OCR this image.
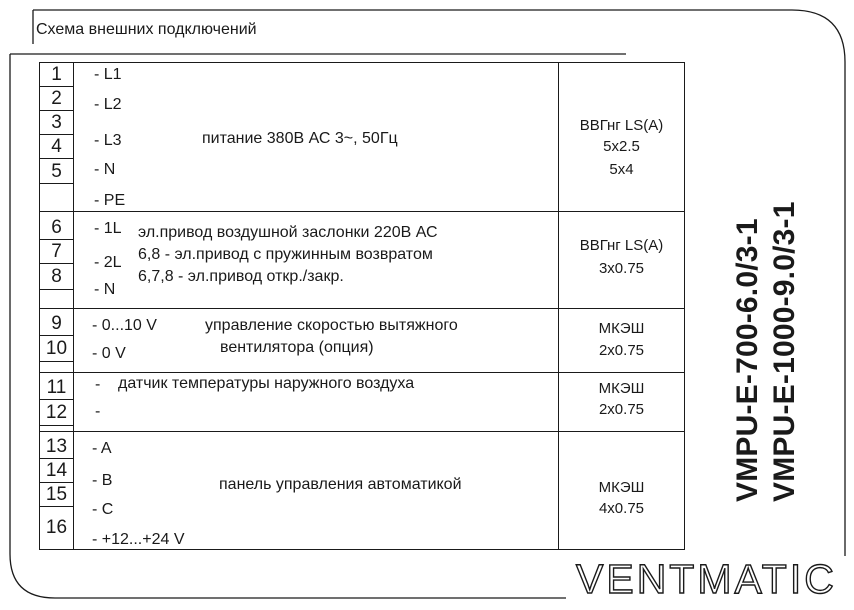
Схема внешних подключений
1
2
3
4
5
6
7
8
9
10
11
12
13
14
15
16
- L1
- L2
- L3
- N
- PE
питание 380В АС 3~, 50Гц
- 1L
- 2L
- N
эл.привод воздушной заслонки 220В АС
6,8 - эл.привод с пружинным возвратом
6,7,8 - эл.привод откр./закр.
- 0...10 V
- 0 V
управление скоростью вытяжного
вентилятора (опция)
-
-
датчик температуры наружного воздуха
- A
- B
- C
- +12...+24 V
панель управления автоматикой
ВВГнг LS(A)
5x2.5
5x4
ВВГнг LS(A)
3x0.75
МКЭШ
2x0.75
МКЭШ
2x0.75
МКЭШ
4x0.75
VMPU-E-700-6.0/3-1 VMPU-E-1000-9.0/3-1
VENTMATIC
